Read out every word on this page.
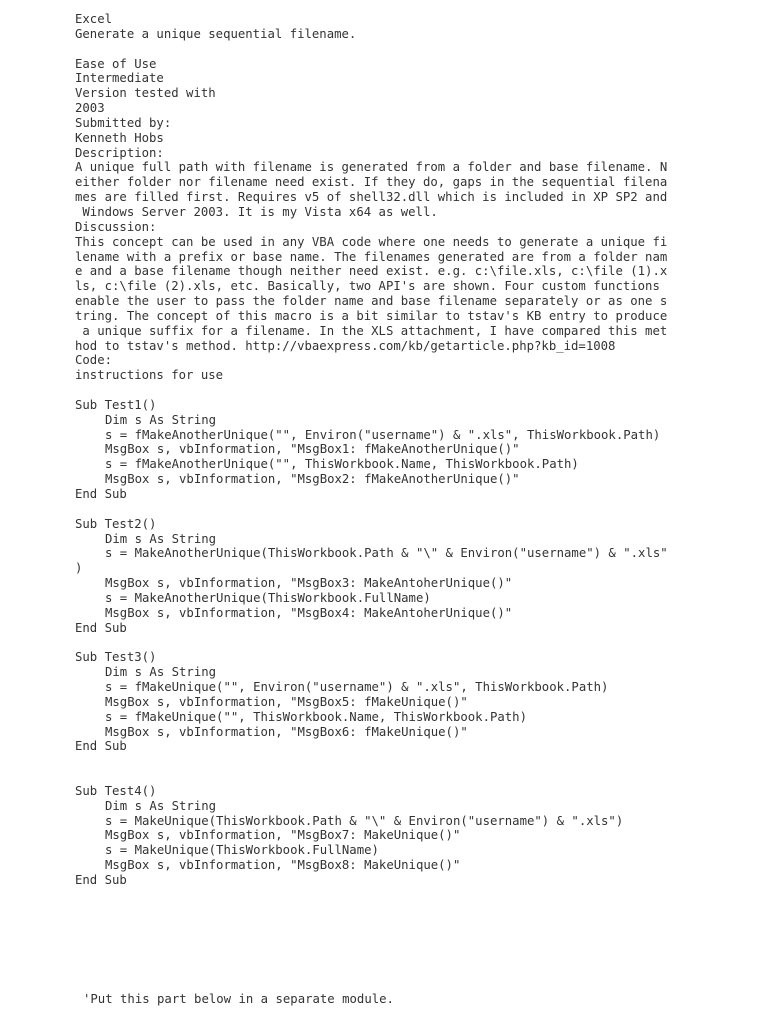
Excel
Generate a unique sequential filename.
Ease of Use
Intermediate
Version tested with
2003
Submitted by:
Kenneth Hobs
Description:
A unique full path with filename is generated from a folder and base filename. N
either folder nor filename need exist. If they do, gaps in the sequential filena
mes are filled first. Requires v5 of shell32.dll which is included in XP SP2 and
Windows Server 2003. It is my Vista x64 as well.
Discussion:
This concept can be used in any VBA code where one needs to generate a unique fi
lename with a prefix or base name. The filenames generated are from a folder nam
e and a base filename though neither need exist. e.g. c:\file.xls, c:\file (1).x
ls, c:\file (2).xls, etc. Basically, two API's are shown. Four custom functions
enable the user to pass the folder name and base filename separately or as one s
tring. The concept of this macro is a bit similar to tstav's KB entry to produce
a unique suffix for a filename. In the XLS attachment, I have compared this met
hod to tstav's method. http://vbaexpress.com/kb/getarticle.php?kb_id=1008
Code:
instructions for use
Sub Test1()
Dim s As String
s = fMakeAnotherUnique("", Environ("username") & ".xls", ThisWorkbook.Path)
MsgBox s, vbInformation, "MsgBox1: fMakeAnotherUnique()"
s = fMakeAnotherUnique("", ThisWorkbook.Name, ThisWorkbook.Path)
MsgBox s, vbInformation, "MsgBox2: fMakeAnotherUnique()"
End Sub
Sub Test2()
Dim s As String
s = MakeAnotherUnique(ThisWorkbook.Path & "\" & Environ("username") & ".xls"
)
MsgBox s, vbInformation, "MsgBox3: MakeAntoherUnique()"
s = MakeAnotherUnique(ThisWorkbook.FullName)
MsgBox s, vbInformation, "MsgBox4: MakeAntoherUnique()"
End Sub
Sub Test3()
Dim s As String
s = fMakeUnique("", Environ("username") & ".xls", ThisWorkbook.Path)
MsgBox s, vbInformation, "MsgBox5: fMakeUnique()"
s = fMakeUnique("", ThisWorkbook.Name, ThisWorkbook.Path)
MsgBox s, vbInformation, "MsgBox6: fMakeUnique()"
End Sub
Sub Test4()
Dim s As String
s = MakeUnique(ThisWorkbook.Path & "\" & Environ("username") & ".xls")
MsgBox s, vbInformation, "MsgBox7: MakeUnique()"
s = MakeUnique(ThisWorkbook.FullName)
MsgBox s, vbInformation, "MsgBox8: MakeUnique()"
End Sub
'Put this part below in a separate module.
